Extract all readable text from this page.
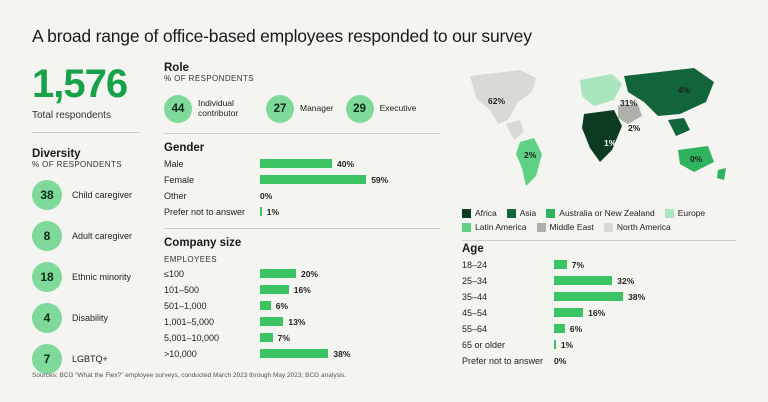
A broad range of office-based employees responded to our survey
1,576
Total respondents
Diversity
% OF RESPONDENTS
38	Child caregiver
8	Adult caregiver
18	Ethnic minority
4	Disability
7	LGBTQ+
Role
% OF RESPONDENTS
44	Individual contributor	27	Manager	29	Executive
Gender
Male	40%
Female	59%
Other	0%
Prefer not to answer	1%
Company size
EMPLOYEES
≤100	20%
101–500	16%
501–1,000	6%
1,001–5,000	13%
5,001–10,000	7%
>10,000	38%
62%	31%
4%
2%
1%
2%	0%
Africa	Asia	Australia or New Zealand	Europe
Latin America	Middle East	North America
Age
18–24	7%
25–34	32%
35–44	38%
45–54	16%
55–64	6%
65 or older	1%
Prefer not to answer	0%
Sources: BCG “What the Flex?” employee surveys, conducted March 2023 through May 2023; BCG analysis.
